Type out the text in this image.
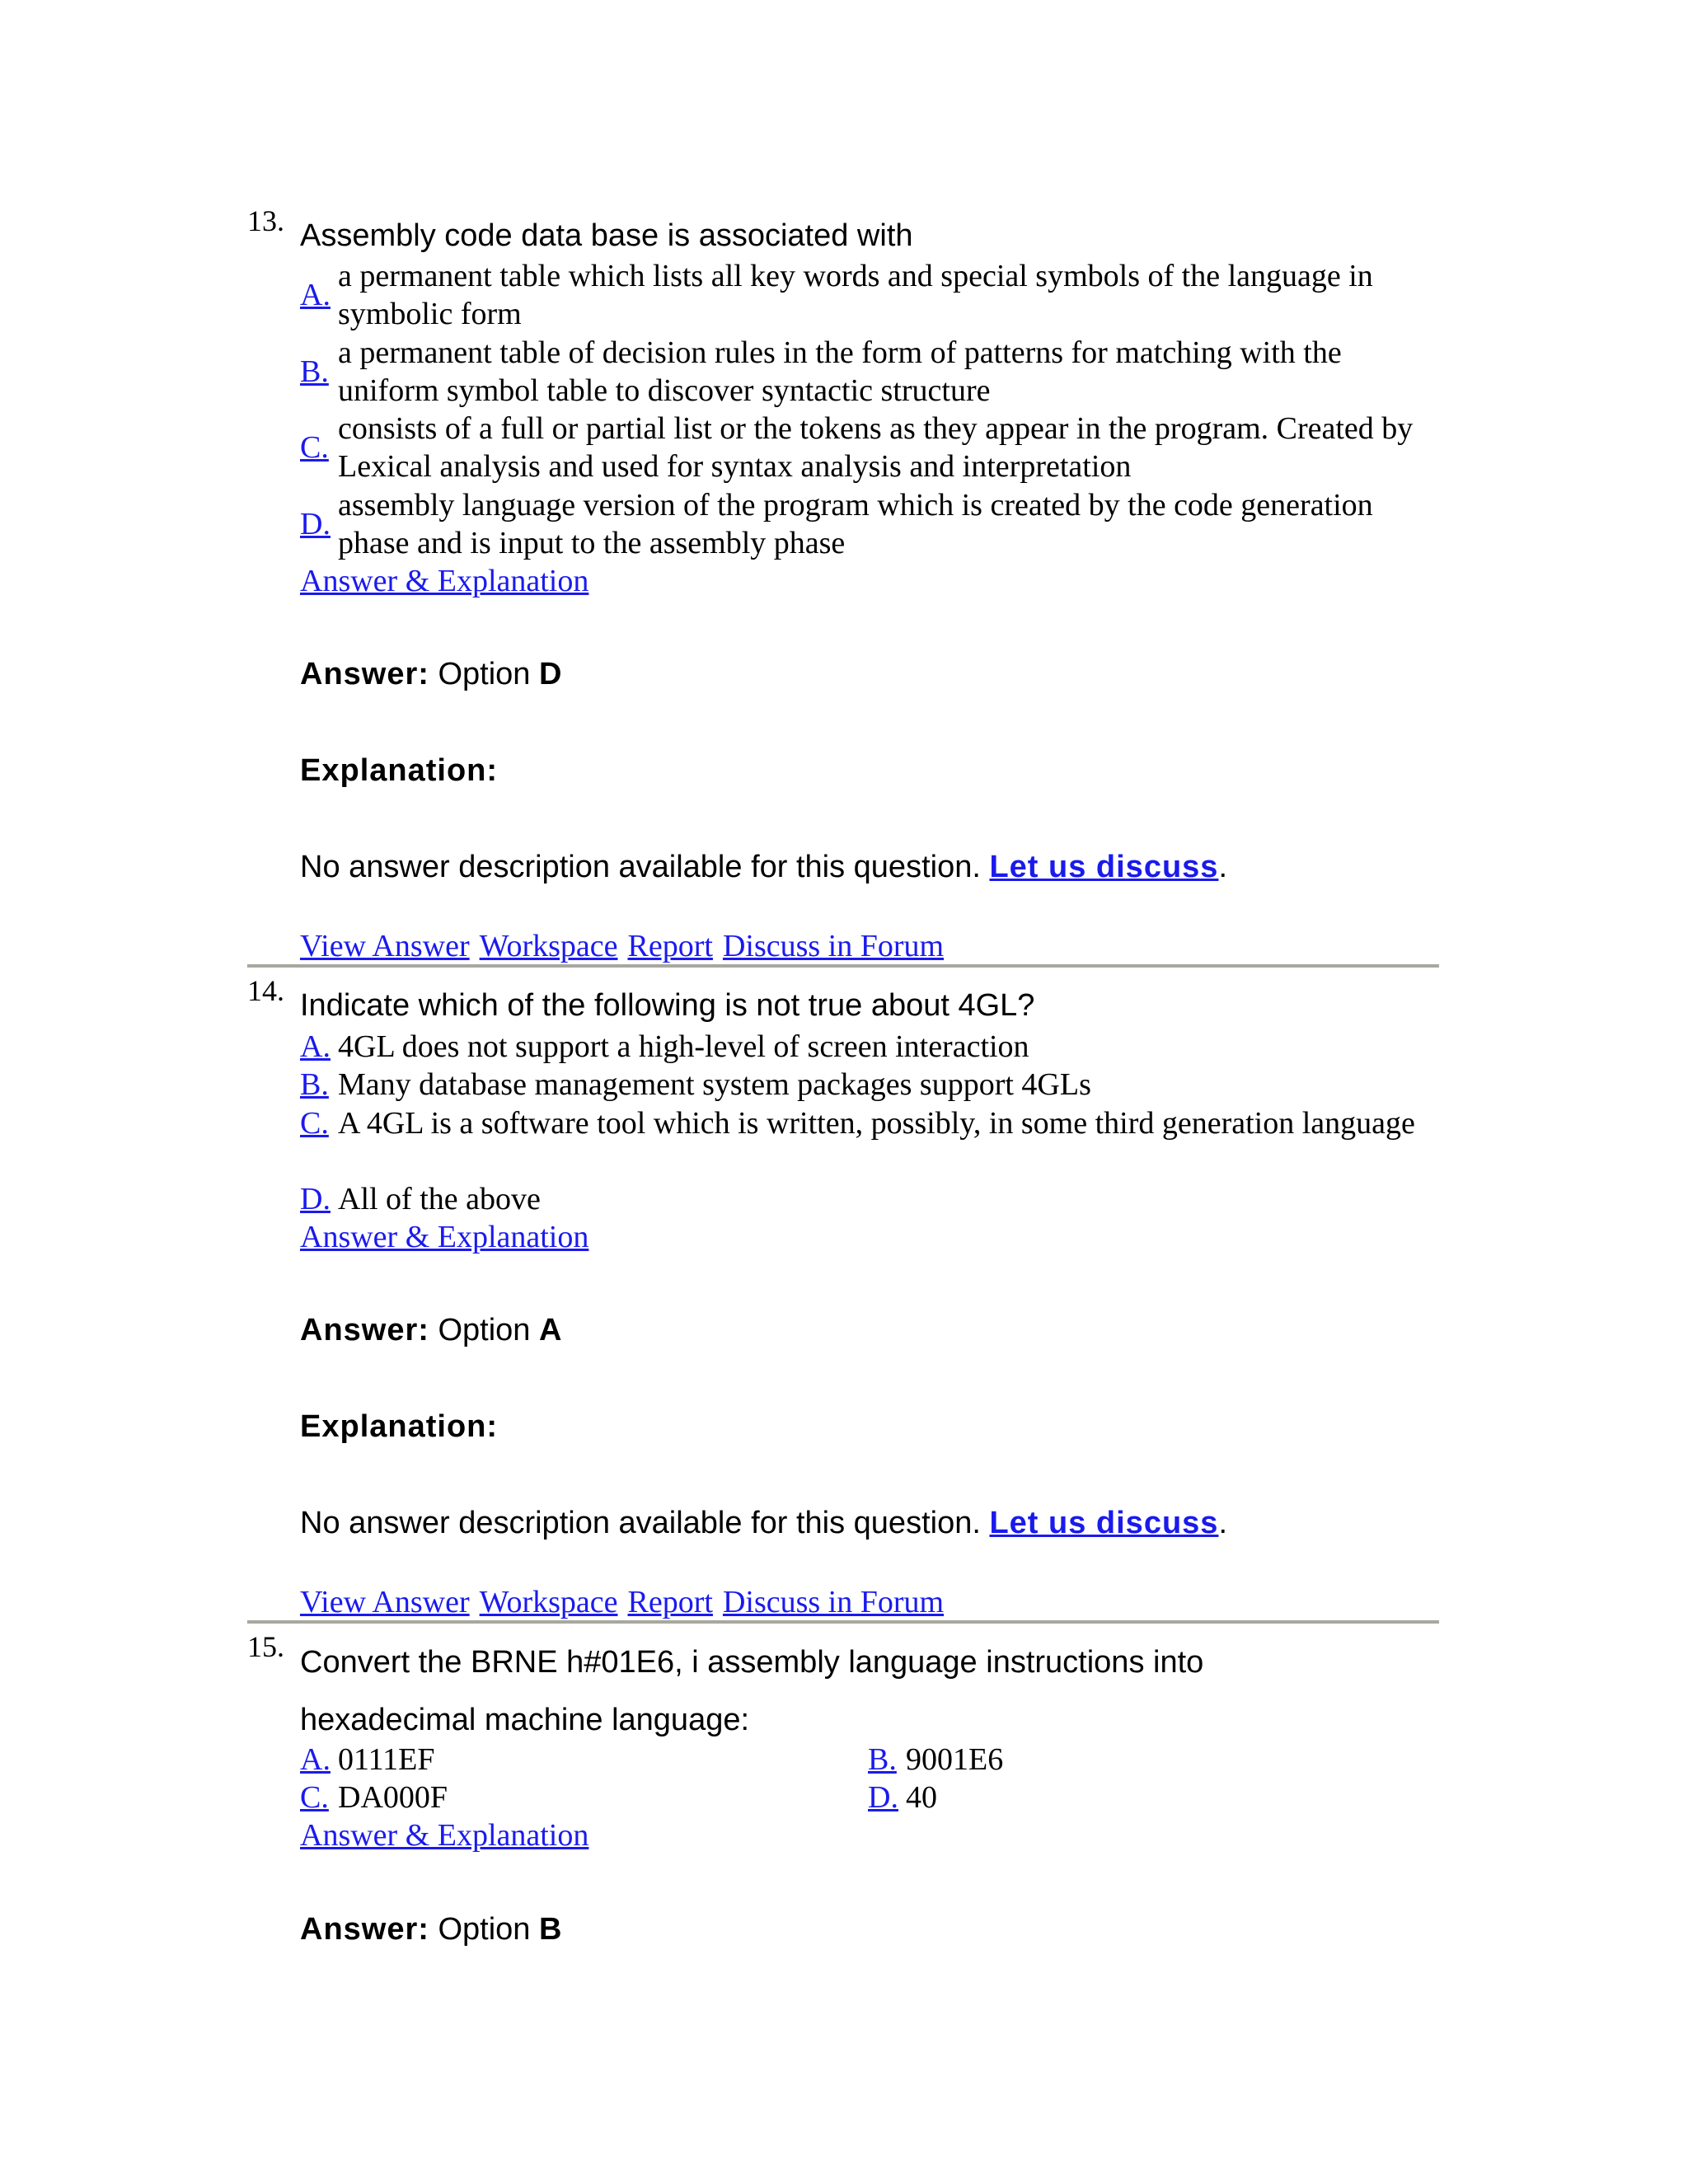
13. Assembly code data base is associated with
A.
a permanent table which lists all key words and special symbols of the language in symbolic form
B.
a permanent table of decision rules in the form of patterns for matching with the uniform symbol table to discover syntactic structure
C.
consists of a full or partial list or the tokens as they appear in the program. Created by Lexical analysis and used for syntax analysis and interpretation
D.
assembly language version of the program which is created by the code generation phase and is input to the assembly phase
Answer & Explanation
Answer: Option D
Explanation:
No answer description available for this question. Let us discuss.
View Answer Workspace Report Discuss in Forum
14. Indicate which of the following is not true about 4GL?
A. 4GL does not support a high-level of screen interaction
B. Many database management system packages support 4GLs
C. A 4GL is a software tool which is written, possibly, in some third generation language
D. All of the above
Answer & Explanation
Answer: Option A
Explanation:
No answer description available for this question. Let us discuss.
View Answer Workspace Report Discuss in Forum
15. Convert the BRNE h#01E6, i assembly language instructions into hexadecimal machine language:
A. 0111EF	B. 9001E6
C. DA000F	D. 40
Answer & Explanation
Answer: Option B
